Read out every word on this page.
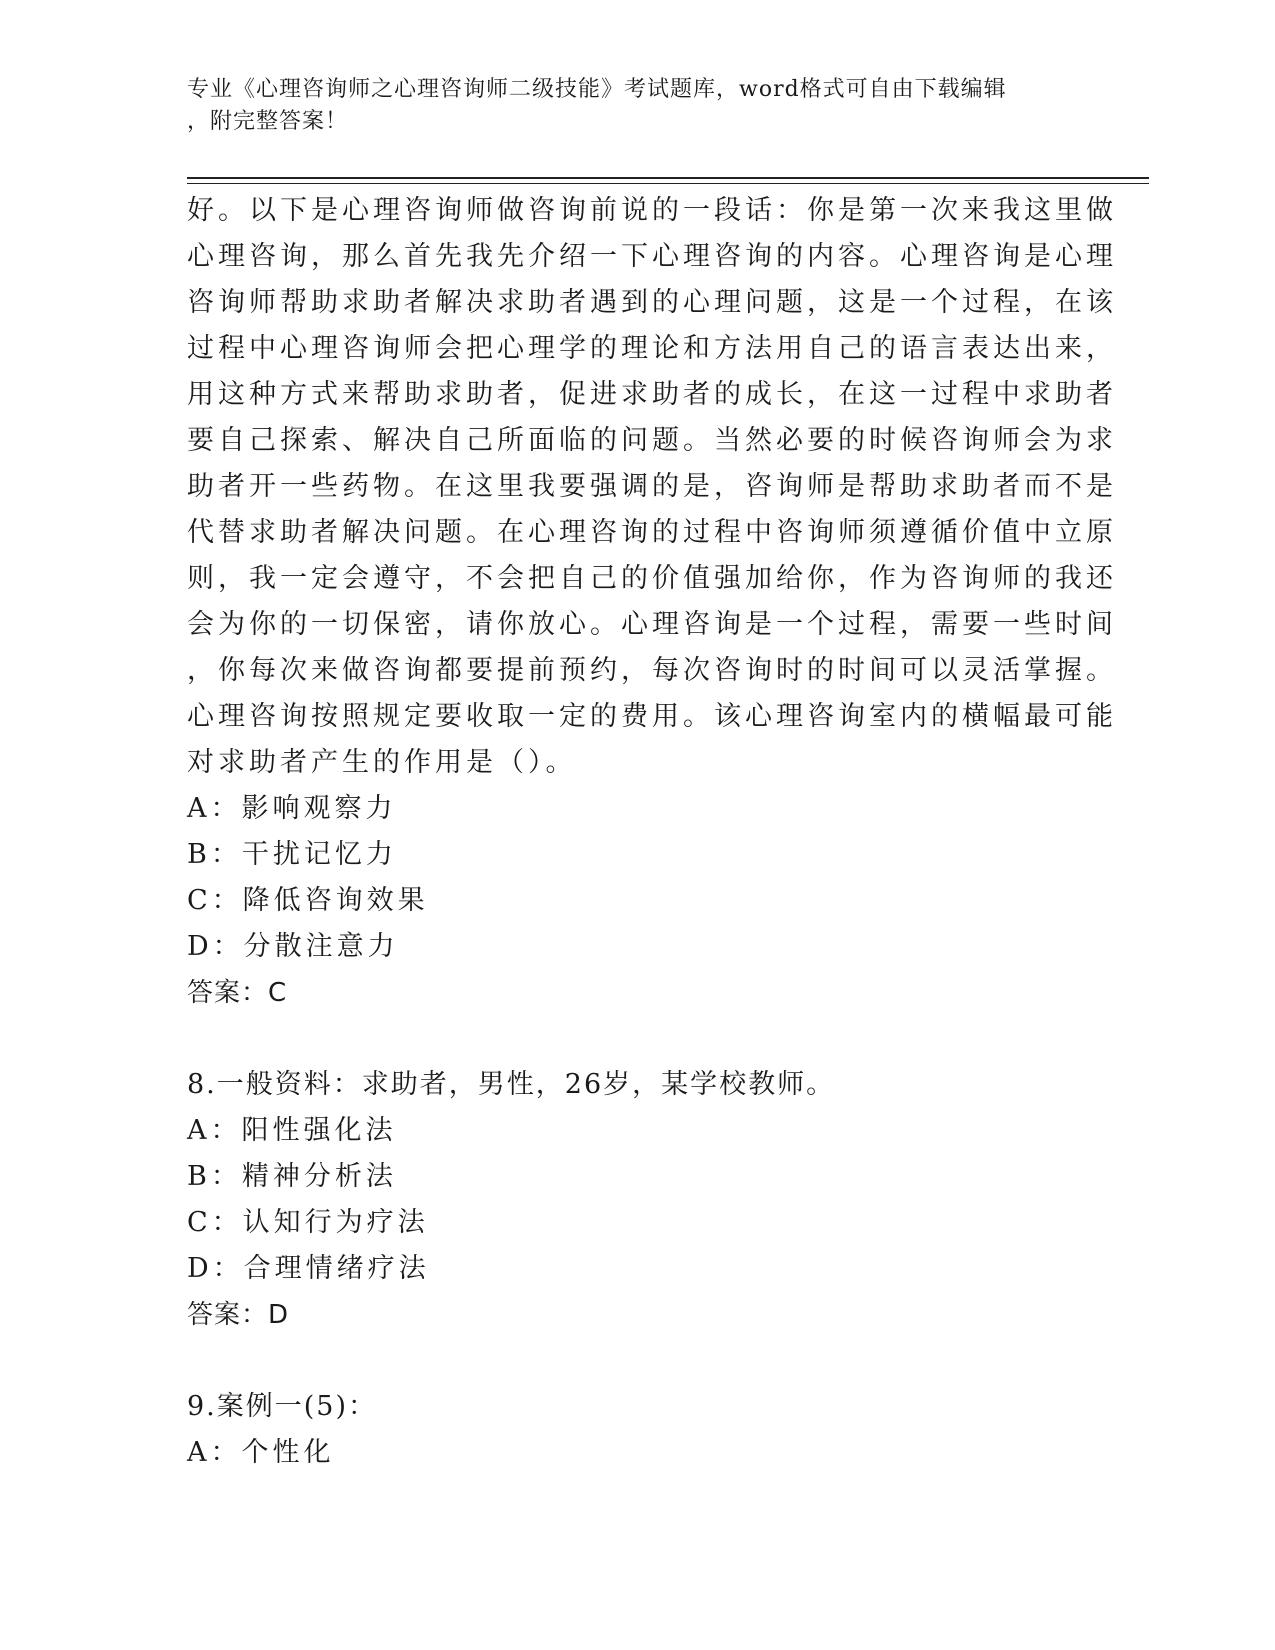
专业《心理咨询师之心理咨询师二级技能》考试题库，word格式可自由下载编辑
，附完整答案！
好。以下是心理咨询师做咨询前说的一段话：你是第一次来我这里做
心理咨询，那么首先我先介绍一下心理咨询的内容。心理咨询是心理
咨询师帮助求助者解决求助者遇到的心理问题，这是一个过程，在该
过程中心理咨询师会把心理学的理论和方法用自己的语言表达出来，
用这种方式来帮助求助者，促进求助者的成长，在这一过程中求助者
要自己探索、解决自己所面临的问题。当然必要的时候咨询师会为求
助者开一些药物。在这里我要强调的是，咨询师是帮助求助者而不是
代替求助者解决问题。在心理咨询的过程中咨询师须遵循价值中立原
则，我一定会遵守，不会把自己的价值强加给你，作为咨询师的我还
会为你的一切保密，请你放心。心理咨询是一个过程，需要一些时间
，你每次来做咨询都要提前预约，每次咨询时的时间可以灵活掌握。
心理咨询按照规定要收取一定的费用。该心理咨询室内的横幅最可能
对求助者产生的作用是（）。
A：影响观察力
B：干扰记忆力
C：降低咨询效果
D：分散注意力
答案：C
8.一般资料：求助者，男性，26岁，某学校教师。
A：阳性强化法
B：精神分析法
C：认知行为疗法
D：合理情绪疗法
答案：D
9.案例一(5)：
A：个性化
